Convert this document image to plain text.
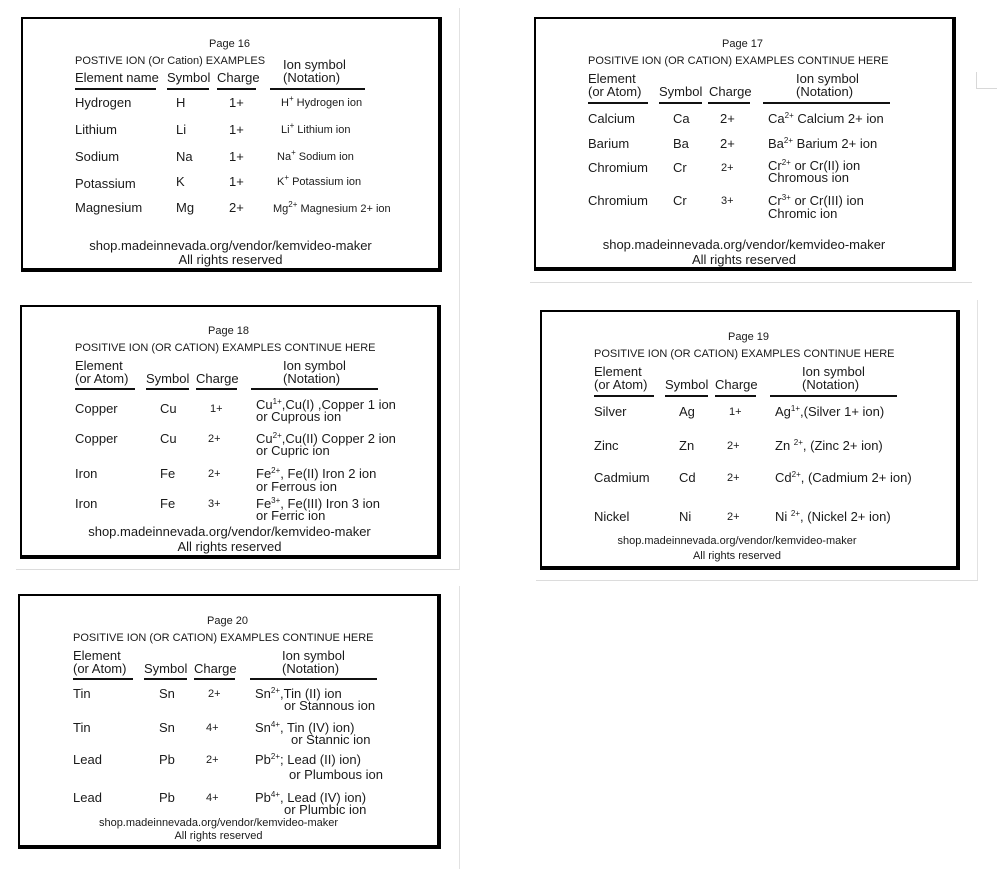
Page 16
POSTIVE ION (Or Cation) EXAMPLES
Element name Symbol Charge
Ion symbol
(Notation)
Hydrogen	H	1+	H+ Hydrogen ion
Lithium	Li	1+	Li+ Lithium ion
Sodium	Na	1+	Na+ Sodium ion
Potassium	K	1+	K+ Potassium ion
Magnesium	Mg	2+	$Mg^{2+}$ Magnesium 2+ ion
shop.madeinnevada.org/vendor/kemvideo-maker
All rights reserved
Page 17
POSITIVE ION (OR CATION) EXAMPLES CONTINUE HERE
Element
(or Atom) Symbol Charge
Ion symbol
(Notation)
Calcium	Ca 2+	$Ca^{2+}$ Calcium 2+ ion
Barium	Ba 2+	$Ba^{2+}$ Barium 2+ ion
Chromium Cr	2+	$Cr^{2+}$ or Cr(II) ion
Chromous ion
Chromium Cr	3+	$Cr^{3+}$ or Cr(III) ion
Chromic ion
shop.madeinnevada.org/vendor/kemvideo-maker
All rights reserved
Page 18
POSITIVE ION (OR CATION) EXAMPLES CONTINUE HERE
Element
(or Atom) Symbol Charge
Ion symbol
(Notation)
Copper	Cu	1+	$Cu^{1+},Cu(I)$ ,Copper 1 ion
or Cuprous ion
Copper	Cu	2+	$Cu^{2+},Cu(II)$ Copper 2 ion
or Cupric ion
Iron	Fe	2+	$Fe^{2+}$, Fe(II) Iron 2 ion
or Ferrous ion
Iron	Fe	3+	$Fe^{3+}$, Fe(III) Iron 3 ion
or Ferric ion
shop.madeinnevada.org/vendor/kemvideo-maker
All rights reserved
Page 19
POSITIVE ION (OR CATION) EXAMPLES CONTINUE HERE
Element
(or Atom) Symbol Charge
Ion symbol
(Notation)
Silver	Ag	1+	$Ag^{1+},(Silver$ 1+ ion)
Zinc	Zn	2+	Zn $^{2+}$, (Zinc 2+ ion)
Cadmium Cd	2+	$Cd^{2+}$, (Cadmium 2+ ion)
Nickel	Ni	2+	Ni $^{2+}$, (Nickel 2+ ion)
shop.madeinnevada.org/vendor/kemvideo-maker
All rights reserved
Page 20
POSITIVE ION (OR CATION) EXAMPLES CONTINUE HERE
Element
(or Atom) Symbol Charge
Ion symbol
(Notation)
Tin	Sn	2+	$Sn^{2+},Tin$ (II) ion
or Stannous ion
Tin	Sn	4+	$Sn^{4+}$, Tin (IV) ion)
or Stannic ion
Lead	Pb	2+	$Pb^{2+}$; Lead (II) ion)
or Plumbous ion
Lead	Pb	4+	$Pb^{4+}$, Lead (IV) ion)
or Plumbic ion
shop.madeinnevada.org/vendor/kemvideo-maker
All rights reserved
